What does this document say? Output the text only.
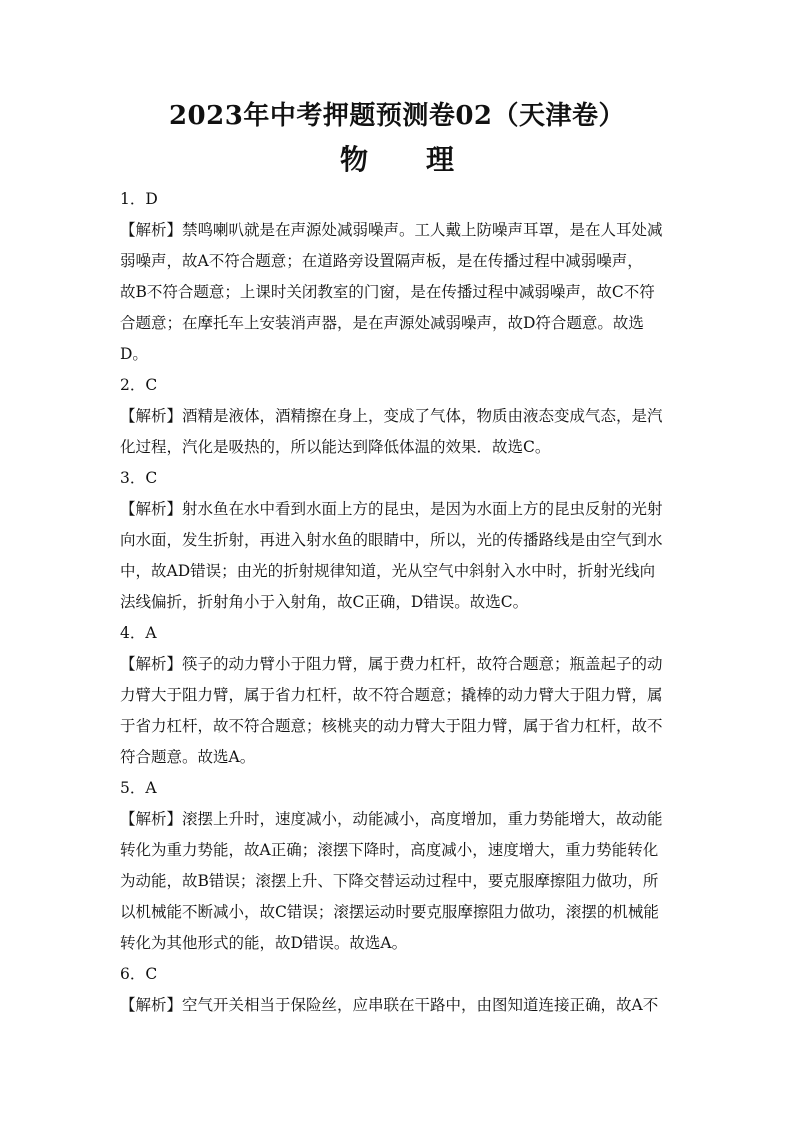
2023年中考押题预测卷02（天津卷）
物 理
1．D
【解析】禁鸣喇叭就是在声源处减弱噪声。工人戴上防噪声耳罩，是在人耳处减
弱噪声，故A不符合题意；在道路旁设置隔声板，是在传播过程中减弱噪声，
故B不符合题意；上课时关闭教室的门窗，是在传播过程中减弱噪声，故C不符
合题意；在摩托车上安装消声器，是在声源处减弱噪声，故D符合题意。故选
D。
2．C
【解析】酒精是液体，酒精擦在身上，变成了气体，物质由液态变成气态，是汽
化过程，汽化是吸热的，所以能达到降低体温的效果．故选C。
3．C
【解析】射水鱼在水中看到水面上方的昆虫，是因为水面上方的昆虫反射的光射
向水面，发生折射，再进入射水鱼的眼睛中，所以，光的传播路线是由空气到水
中，故AD错误；由光的折射规律知道，光从空气中斜射入水中时，折射光线向
法线偏折，折射角小于入射角，故C正确，D错误。故选C。
4．A
【解析】筷子的动力臂小于阻力臂，属于费力杠杆，故符合题意；瓶盖起子的动
力臂大于阻力臂，属于省力杠杆，故不符合题意；撬棒的动力臂大于阻力臂，属
于省力杠杆，故不符合题意；核桃夹的动力臂大于阻力臂，属于省力杠杆，故不
符合题意。故选A。
5．A
【解析】滚摆上升时，速度减小，动能减小，高度增加，重力势能增大，故动能
转化为重力势能，故A正确；滚摆下降时，高度减小，速度增大，重力势能转化
为动能，故B错误；滚摆上升、下降交替运动过程中，要克服摩擦阻力做功，所
以机械能不断减小，故C错误；滚摆运动时要克服摩擦阻力做功，滚摆的机械能
转化为其他形式的能，故D错误。故选A。
6．C
【解析】空气开关相当于保险丝，应串联在干路中，由图知道连接正确，故A不
